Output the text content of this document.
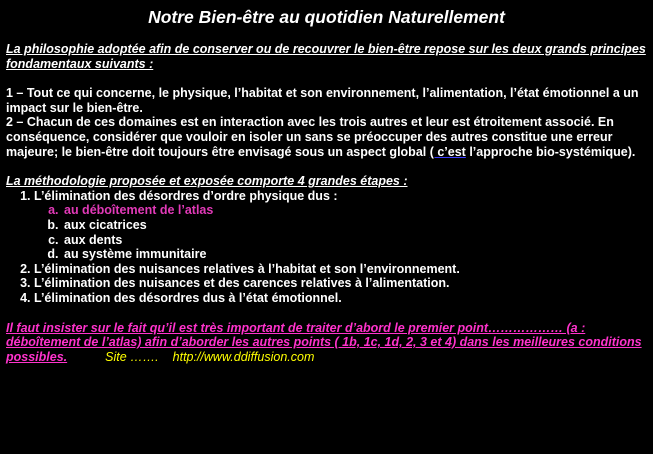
Notre Bien-être au quotidien Naturellement
La philosophie adoptée afin de conserver ou de recouvrer le bien-être repose sur les deux grands principes fondamentaux suivants :
1 – Tout ce qui concerne, le physique, l’habitat et son environnement, l’alimentation, l’état émotionnel a un impact sur le bien-être.
2 – Chacun de ces domaines est en interaction avec les trois autres et leur est étroitement associé. En conséquence, considérer que vouloir en isoler un sans se préoccuper des autres constitue une erreur majeure; le bien-être doit toujours être envisagé sous un aspect global ( c’est l’approche bio-systémique).
La méthodologie proposée et exposée comporte 4 grandes étapes :
1. L’élimination des désordres d’ordre physique dus :
a. au déboîtement de l’atlas
b. aux cicatrices
c. aux dents
d. au système immunitaire
2. L’élimination des nuisances relatives à l’habitat et son l’environnement.
3. L’élimination des nuisances et des carences relatives à l’alimentation.
4. L’élimination des désordres dus à l’état émotionnel.
Il faut insister sur le fait qu’il est très important de traiter d’abord le premier point……………… (a : déboîtement de l’atlas) afin d’aborder les autres points ( 1b, 1c, 1d, 2, 3 et 4) dans les meilleures conditions possibles.	Site ……. http://www.ddiffusion.com
